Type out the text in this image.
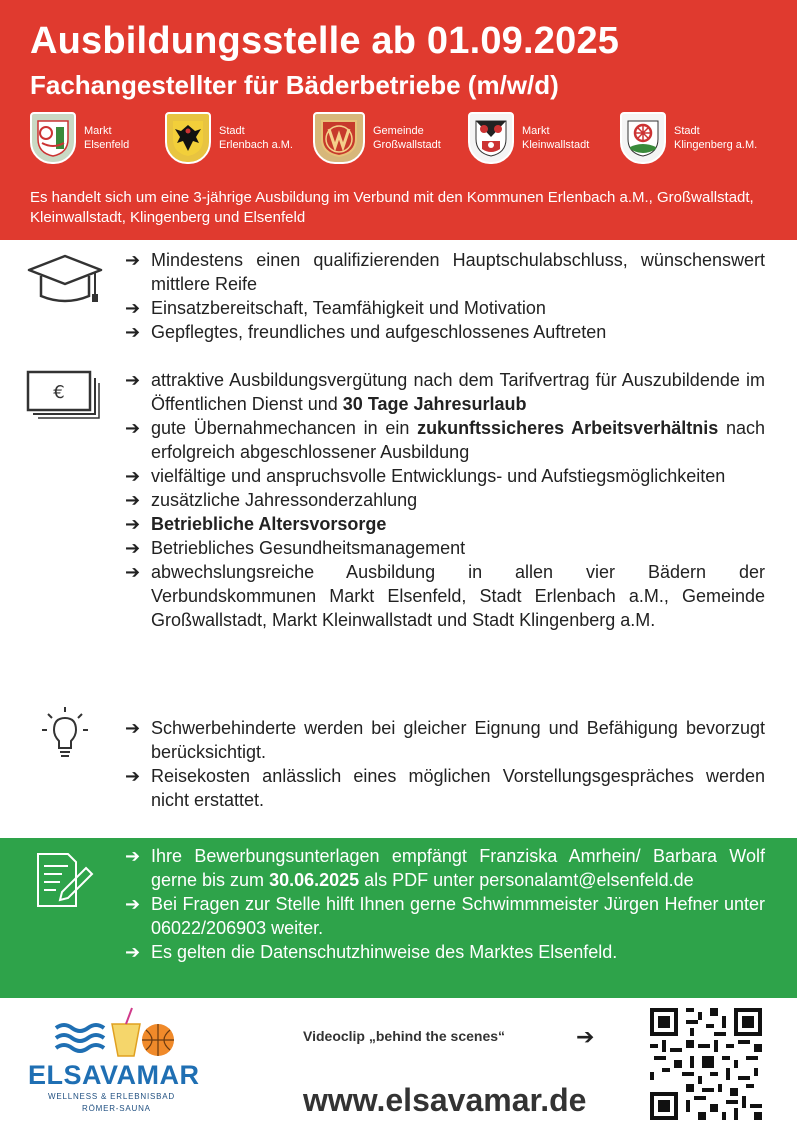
Ausbildungsstelle ab 01.09.2025
Fachangestellter für Bäderbetriebe (m/w/d)
Markt
Elsenfeld
Stadt
Erlenbach a.M.
Gemeinde
Großwallstadt
Markt
Kleinwallstadt
Stadt
Klingenberg a.M.
Es handelt sich um eine 3-jährige Ausbildung im Verbund mit den Kommunen Erlenbach a.M., Großwallstadt, Kleinwallstadt, Klingenberg und Elsenfeld
➔ Mindestens einen qualifizierenden Hauptschulabschluss, wünschenswert mittlere Reife
➔ Einsatzbereitschaft, Teamfähigkeit und Motivation
➔ Gepflegtes, freundliches und aufgeschlossenes Auftreten
€
➔ attraktive Ausbildungsvergütung nach dem Tarifvertrag für Auszubildende im Öffentlichen Dienst und 30 Tage Jahresurlaub
➔ gute Übernahmechancen in ein zukunftssicheres Arbeitsverhältnis nach erfolgreich abgeschlossener Ausbildung
➔ vielfältige und anspruchsvolle Entwicklungs- und Aufstiegsmöglichkeiten
➔ zusätzliche Jahressonderzahlung
➔ Betriebliche Altersvorsorge
➔ Betriebliches Gesundheitsmanagement
➔ abwechslungsreiche Ausbildung in allen vier Bädern der Verbundskommunen Markt Elsenfeld, Stadt Erlenbach a.M., Gemeinde Großwallstadt, Markt Kleinwallstadt und Stadt Klingenberg a.M.
➔ Schwerbehinderte werden bei gleicher Eignung und Befähigung bevorzugt berücksichtigt.
➔ Reisekosten anlässlich eines möglichen Vorstellungsgespräches werden nicht erstattet.
➔ Ihre Bewerbungsunterlagen empfängt Franziska Amrhein/ Barbara Wolf gerne bis zum 30.06.2025 als PDF unter personalamt@elsenfeld.de
➔ Bei Fragen zur Stelle hilft Ihnen gerne Schwimmmeister Jürgen Hefner unter 06022/206903 weiter.
➔ Es gelten die Datenschutzhinweise des Marktes Elsenfeld.
ELSAVAMAR
WELLNESS & ERLEBNISBAD
RÖMER-SAUNA
Videoclip „behind the scenes“	➔
www.elsavamar.de
